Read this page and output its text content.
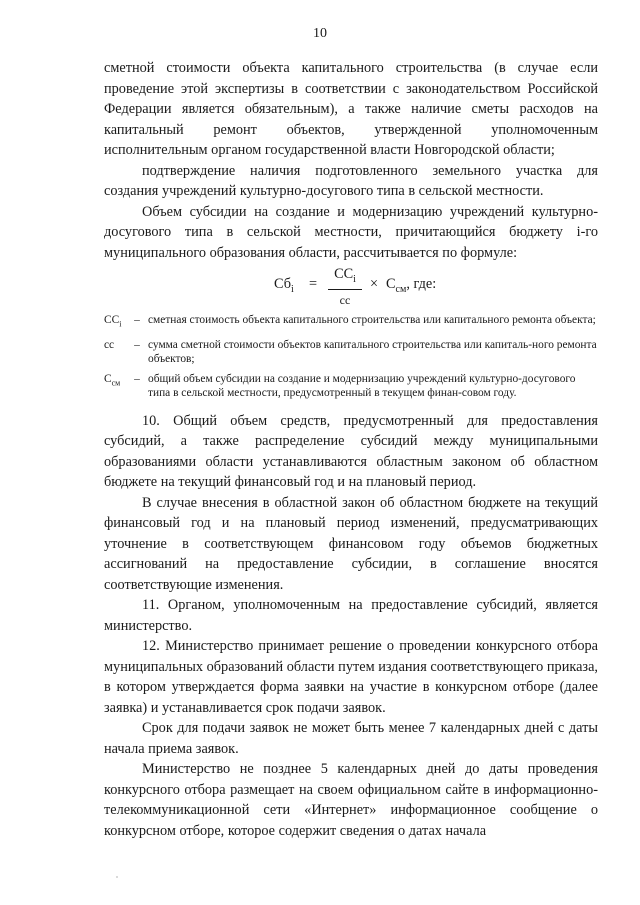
10

сметной стоимости объекта капитального строительства (в случае если проведение этой экспертизы в соответствии с законодательством Российской Федерации является обязательным), а также наличие сметы расходов на капитальный ремонт объектов, утвержденной уполномоченным исполнительным органом государственной власти Новгородской области;

подтверждение наличия подготовленного земельного участка для создания учреждений культурно-досугового типа в сельской местности.

Объем субсидии на создание и модернизацию учреждений культурно-досугового типа в сельской местности, причитающийся бюджету i-го муниципального образования области, рассчитывается по формуле:

$Сб_i$ =
$СС_i$
сс
× $С_{см}$, где:
$СС_i$	– сметная стоимость объекта капитального строительства или капитального ремонта объекта;
сс	– сумма сметной стоимости объектов капитального строительства или капиталь-ного ремонта объектов;
$С_{см}$	– общий объем субсидии на создание и модернизацию учреждений культурно-досугового типа в сельской местности, предусмотренный в текущем финан-совом году.

10. Общий объем средств, предусмотренный для предоставления субсидий, а также распределение субсидий между муниципальными образованиями области устанавливаются областным законом об областном бюджете на текущий финансовый год и на плановый период.

В случае внесения в областной закон об областном бюджете на текущий финансовый год и на плановый период изменений, предусматривающих уточнение в соответствующем финансовом году объемов бюджетных ассигнований на предоставление субсидии, в соглашение вносятся соответствующие изменения.

11. Органом, уполномоченным на предоставление субсидий, является министерство.

12. Министерство принимает решение о проведении конкурсного отбора муниципальных образований области путем издания соответствующего приказа, в котором утверждается форма заявки на участие в конкурсном отборе (далее заявка) и устанавливается срок подачи заявок.

Срок для подачи заявок не может быть менее 7 календарных дней с даты начала приема заявок.

Министерство не позднее 5 календарных дней до даты проведения конкурсного отбора размещает на своем официальном сайте в информационно-телекоммуникационной сети «Интернет» информационное сообщение о конкурсном отборе, которое содержит сведения о датах начала
